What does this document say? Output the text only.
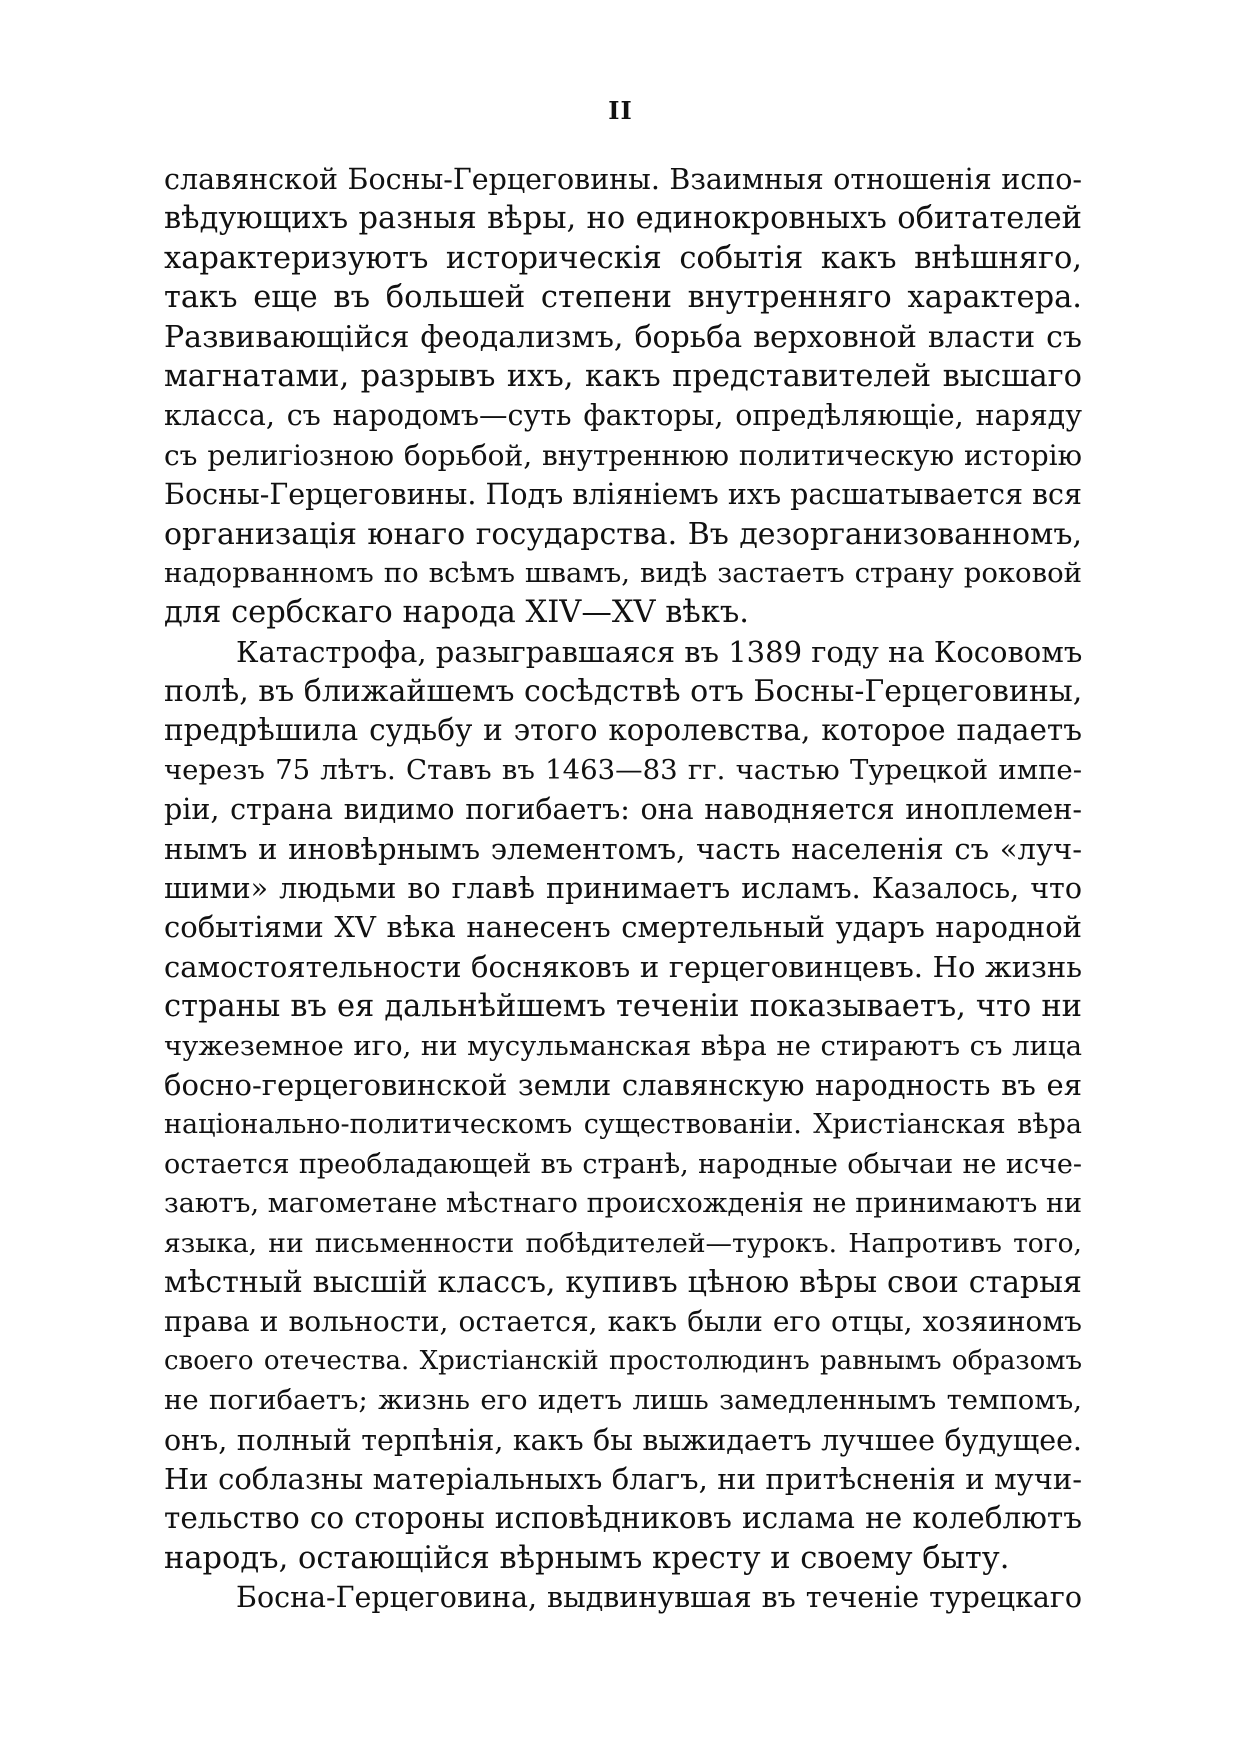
II
славянской Босны-Герцеговины. Взаимныя отношенія испо-
вѣдующихъ разныя вѣры, но единокровныхъ обитателей
характеризуютъ историческія событія какъ внѣшняго,
такъ еще въ большей степени внутренняго характера.
Развивающійся феодализмъ, борьба верховной власти съ
магнатами, разрывъ ихъ, какъ представителей высшаго
класса, съ народомъ—суть факторы, опредѣляющіе, наряду
съ религіозною борьбой, внутреннюю политическую исторію
Босны-Герцеговины. Подъ вліяніемъ ихъ расшатывается вся
организація юнаго государства. Въ дезорганизованномъ,
надорванномъ по всѣмъ швамъ, видѣ застаетъ страну роковой
для сербскаго народа XIV—XV вѣкъ.
Катастрофа, разыгравшаяся въ 1389 году на Косовомъ
полѣ, въ ближайшемъ сосѣдствѣ отъ Босны-Герцеговины,
предрѣшила судьбу и этого королевства, которое падаетъ
черезъ 75 лѣтъ. Ставъ въ 1463—83 гг. частью Турецкой импе-
ріи, страна видимо погибаетъ: она наводняется иноплемен-
нымъ и иновѣрнымъ элементомъ, часть населенія съ «луч-
шими» людьми во главѣ принимаетъ исламъ. Казалось, что
событіями XV вѣка нанесенъ смертельный ударъ народной
самостоятельности босняковъ и герцеговинцевъ. Но жизнь
страны въ ея дальнѣйшемъ теченіи показываетъ, что ни
чужеземное иго, ни мусульманская вѣра не стираютъ съ лица
босно-герцеговинской земли славянскую народность въ ея
національно-политическомъ существованіи. Христіанская вѣра
остается преобладающей въ странѣ, народные обычаи не исче-
заютъ, магометане мѣстнаго происхожденія не принимаютъ ни
языка, ни письменности побѣдителей—турокъ. Напротивъ того,
мѣстный высшій классъ, купивъ цѣною вѣры свои старыя
права и вольности, остается, какъ были его отцы, хозяиномъ
своего отечества. Христіанскій простолюдинъ равнымъ образомъ
не погибаетъ; жизнь его идетъ лишь замедленнымъ темпомъ,
онъ, полный терпѣнія, какъ бы выжидаетъ лучшее будущее.
Ни соблазны матеріальныхъ благъ, ни притѣсненія и мучи-
тельство со стороны исповѣдниковъ ислама не колеблютъ
народъ, остающійся вѣрнымъ кресту и своему быту.
Босна-Герцеговина, выдвинувшая въ теченіе турецкаго
